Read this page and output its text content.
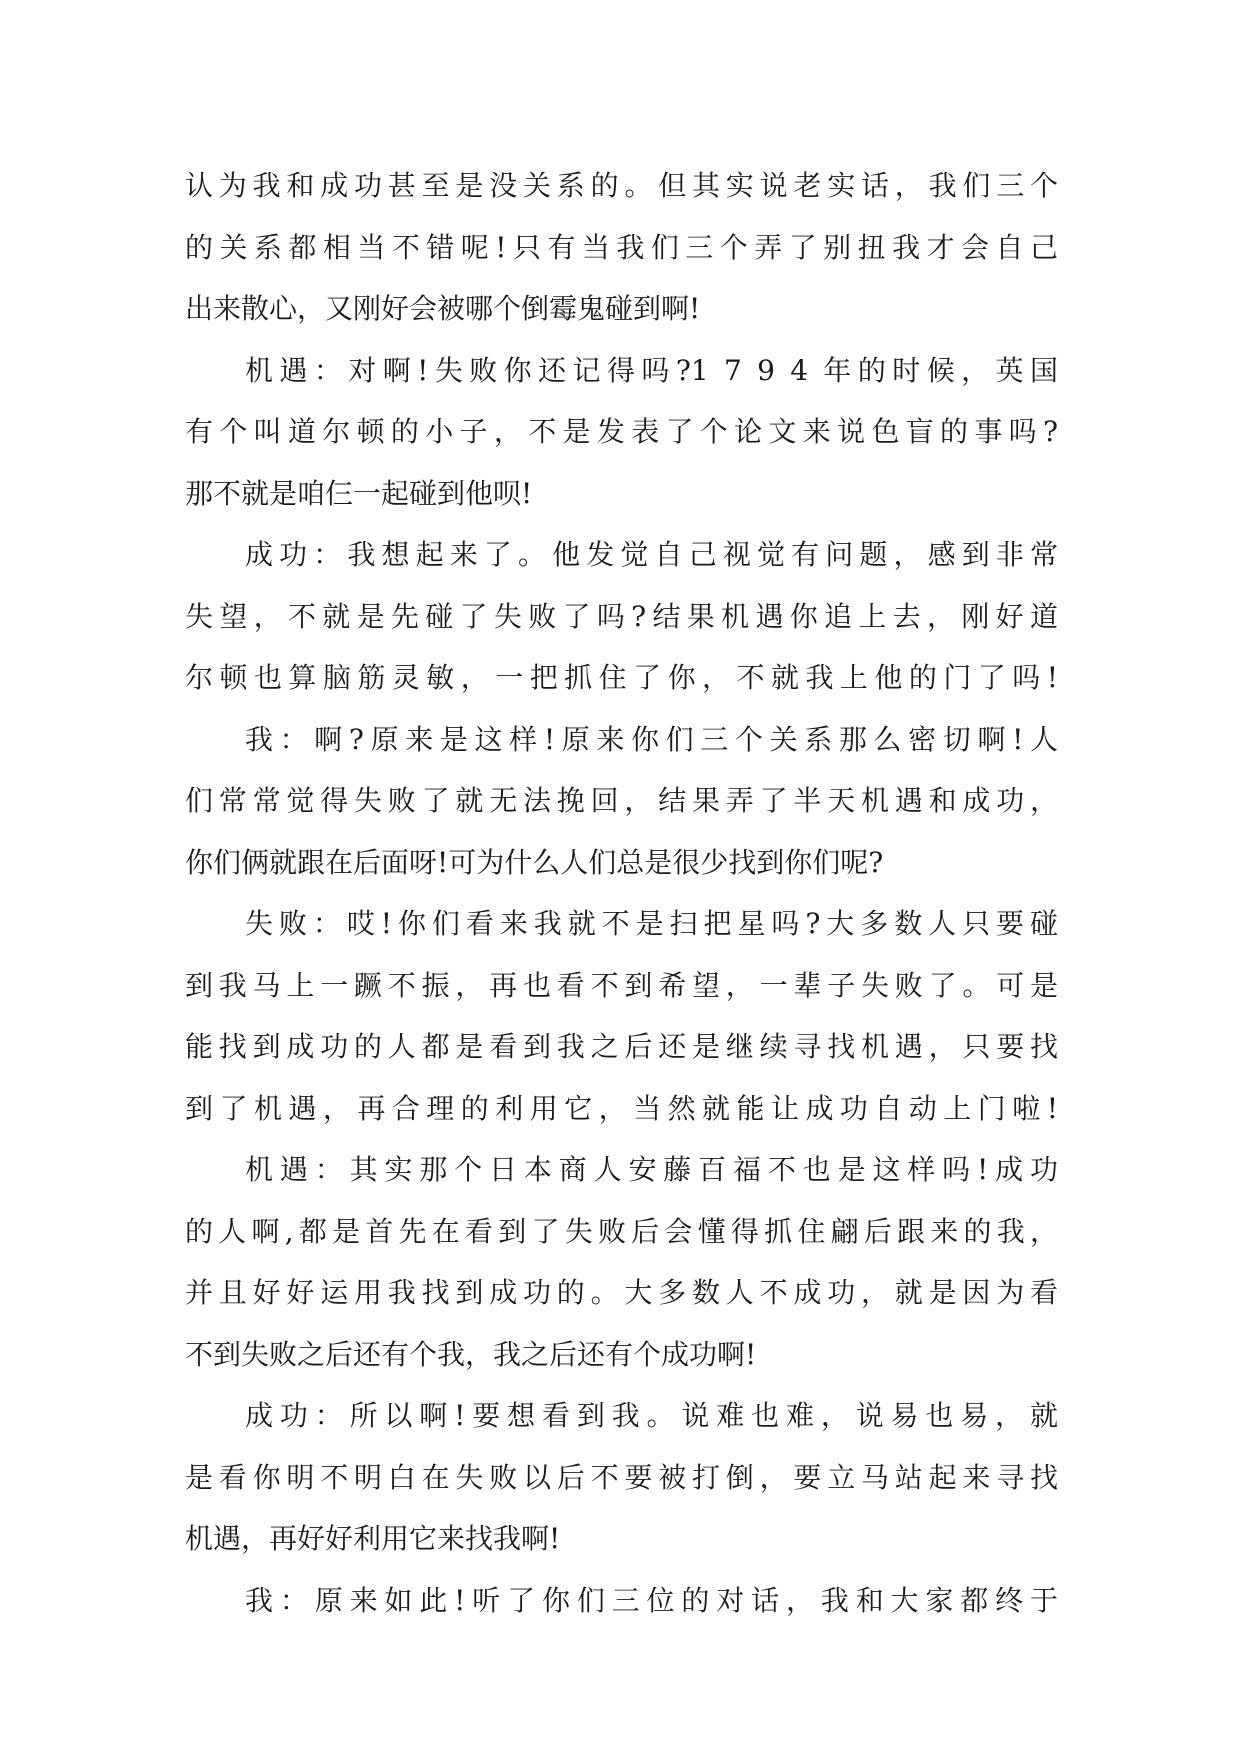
认为我和成功甚至是没关系的。但其实说老实话，我们三个
的关系都相当不错呢!只有当我们三个弄了别扭我才会自己
出来散心，又刚好会被哪个倒霉鬼碰到啊!
机遇：对啊!失败你还记得吗?1 7 9 4 年的时候，英国
有个叫道尔顿的小子，不是发表了个论文来说色盲的事吗?
那不就是咱仨一起碰到他呗!
成功：我想起来了。他发觉自己视觉有问题，感到非常
失望，不就是先碰了失败了吗?结果机遇你追上去，刚好道
尔顿也算脑筋灵敏，一把抓住了你，不就我上他的门了吗!
我：啊?原来是这样!原来你们三个关系那么密切啊!人
们常常觉得失败了就无法挽回，结果弄了半天机遇和成功，
你们俩就跟在后面呀!可为什么人们总是很少找到你们呢?
失败：哎!你们看来我就不是扫把星吗?大多数人只要碰
到我马上一蹶不振，再也看不到希望，一辈子失败了。可是
能找到成功的人都是看到我之后还是继续寻找机遇，只要找
到了机遇，再合理的利用它，当然就能让成功自动上门啦!
机遇：其实那个日本商人安藤百福不也是这样吗!成功
的人啊,都是首先在看到了失败后会懂得抓住翩后跟来的我，
并且好好运用我找到成功的。大多数人不成功，就是因为看
不到失败之后还有个我，我之后还有个成功啊!
成功：所以啊!要想看到我。说难也难，说易也易，就
是看你明不明白在失败以后不要被打倒，要立马站起来寻找
机遇，再好好利用它来找我啊!
我：原来如此!听了你们三位的对话，我和大家都终于
